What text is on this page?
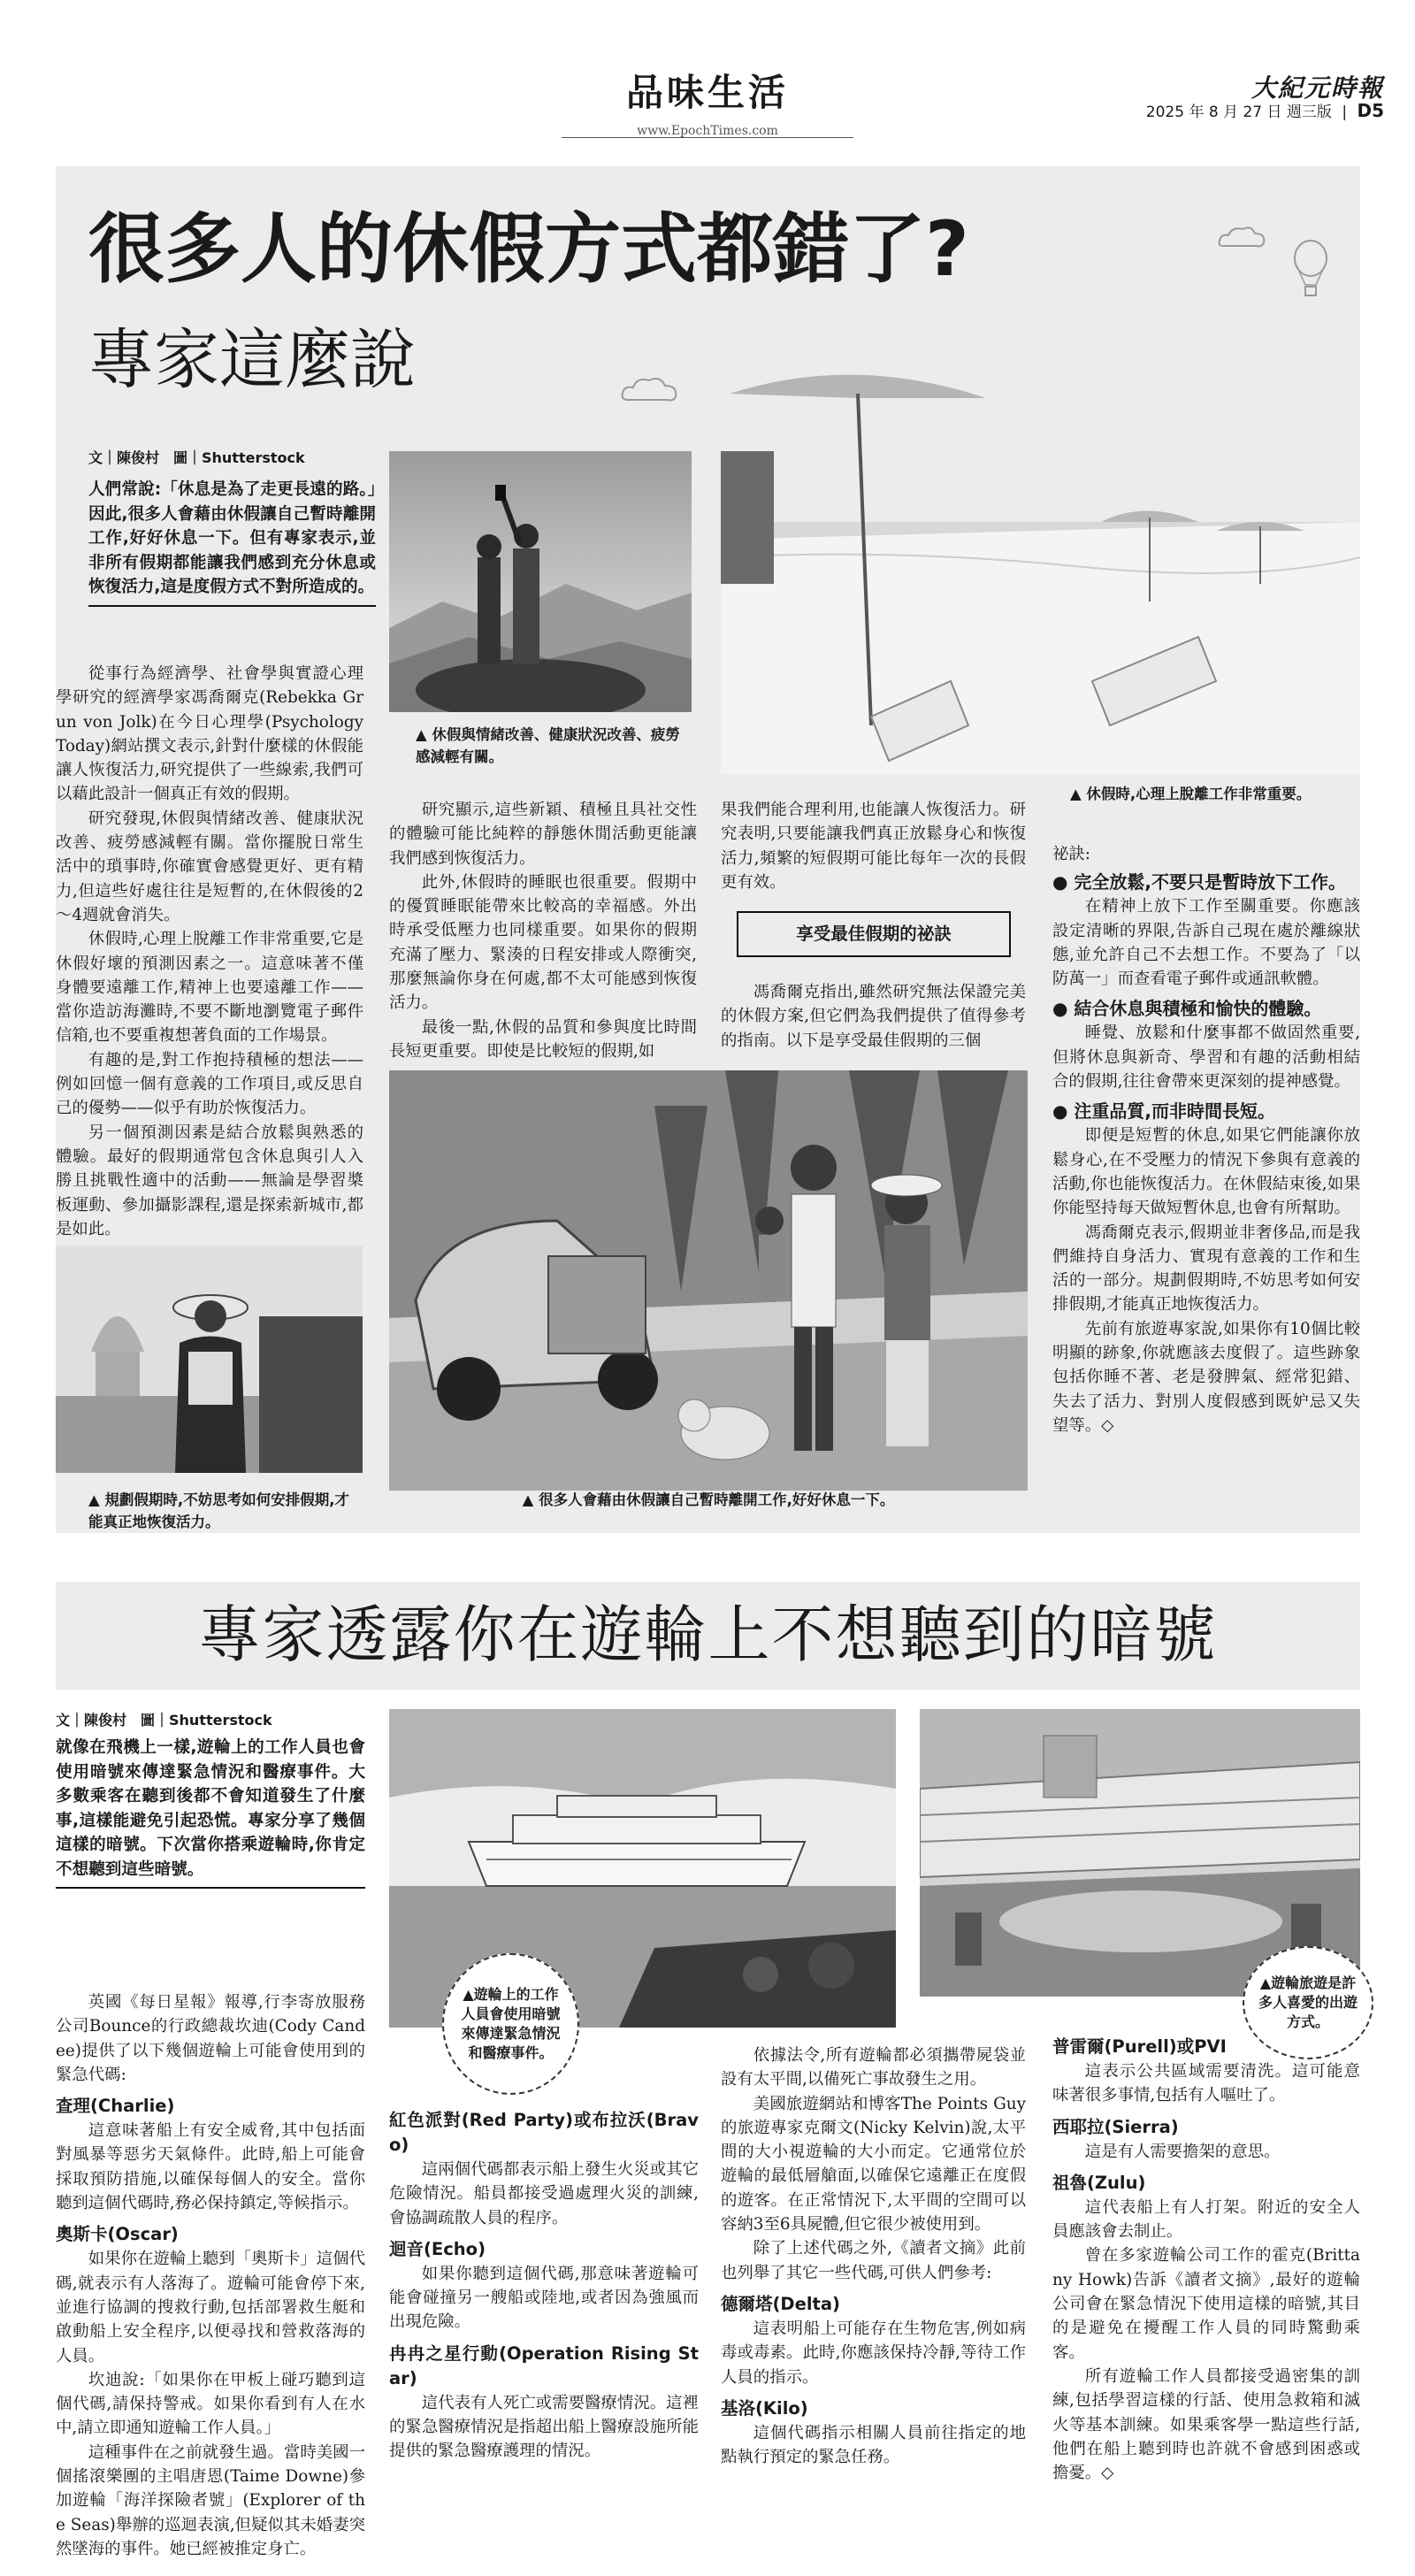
品味生活
www.EpochTimes.com
大紀元時報
2025 年 8 月 27 日 週三版 | D5
很多人的休假方式都錯了?
專家這麼說
文｜陳俊村　圖｜Shutterstock
人們常說:「休息是為了走更長遠的路。」因此,很多人會藉由休假讓自己暫時離開工作,好好休息一下。但有專家表示,並非所有假期都能讓我們感到充分休息或恢復活力,這是度假方式不對所造成的。
▲ 休假與情緒改善、健康狀況改善、疲勞感減輕有關。
▲ 休假時,心理上脫離工作非常重要。

從事行為經濟學、社會學與實證心理學研究的經濟學家馮喬爾克(Rebekka Grun von Jolk)在今日心理學(Psychology Today)網站撰文表示,針對什麼樣的休假能讓人恢復活力,研究提供了一些線索,我們可以藉此設計一個真正有效的假期。

研究發現,休假與情緒改善、健康狀況改善、疲勞感減輕有關。當你擺脫日常生活中的瑣事時,你確實會感覺更好、更有精力,但這些好處往往是短暫的,在休假後的2～4週就會消失。

休假時,心理上脫離工作非常重要,它是休假好壞的預測因素之一。這意味著不僅身體要遠離工作,精神上也要遠離工作——當你造訪海灘時,不要不斷地瀏覽電子郵件信箱,也不要重複想著負面的工作場景。

有趣的是,對工作抱持積極的想法——例如回憶一個有意義的工作項目,或反思自己的優勢——似乎有助於恢復活力。

另一個預測因素是結合放鬆與熟悉的體驗。最好的假期通常包含休息與引人入勝且挑戰性適中的活動——無論是學習槳板運動、參加攝影課程,還是探索新城市,都是如此。

▲ 規劃假期時,不妨思考如何安排假期,才能真正地恢復活力。

研究顯示,這些新穎、積極且具社交性的體驗可能比純粹的靜態休閒活動更能讓我們感到恢復活力。

此外,休假時的睡眠也很重要。假期中的優質睡眠能帶來比較高的幸福感。外出時承受低壓力也同樣重要。如果你的假期充滿了壓力、緊湊的日程安排或人際衝突,那麼無論你身在何處,都不太可能感到恢復活力。

最後一點,休假的品質和參與度比時間長短更重要。即使是比較短的假期,如

果我們能合理利用,也能讓人恢復活力。研究表明,只要能讓我們真正放鬆身心和恢復活力,頻繁的短假期可能比每年一次的長假更有效。

享受最佳假期的祕訣

馮喬爾克指出,雖然研究無法保證完美的休假方案,但它們為我們提供了值得參考的指南。以下是享受最佳假期的三個

▲ 很多人會藉由休假讓自己暫時離開工作,好好休息一下。

祕訣:

● 完全放鬆,不要只是暫時放下工作。

在精神上放下工作至關重要。你應該設定清晰的界限,告訴自己現在處於離線狀態,並允許自己不去想工作。不要為了「以防萬一」而查看電子郵件或通訊軟體。

● 結合休息與積極和愉快的體驗。

睡覺、放鬆和什麼事都不做固然重要,但將休息與新奇、學習和有趣的活動相結合的假期,往往會帶來更深刻的提神感覺。

● 注重品質,而非時間長短。

即便是短暫的休息,如果它們能讓你放鬆身心,在不受壓力的情況下參與有意義的活動,你也能恢復活力。在休假結束後,如果你能堅持每天做短暫休息,也會有所幫助。

馮喬爾克表示,假期並非奢侈品,而是我們維持自身活力、實現有意義的工作和生活的一部分。規劃假期時,不妨思考如何安排假期,才能真正地恢復活力。

先前有旅遊專家說,如果你有10個比較明顯的跡象,你就應該去度假了。這些跡象包括你睡不著、老是發脾氣、經常犯錯、失去了活力、對別人度假感到既妒忌又失望等。◇

專家透露你在遊輪上不想聽到的暗號
文｜陳俊村　圖｜Shutterstock
就像在飛機上一樣,遊輪上的工作人員也會使用暗號來傳達緊急情況和醫療事件。大多數乘客在聽到後都不會知道發生了什麼事,這樣能避免引起恐慌。專家分享了幾個這樣的暗號。下次當你搭乘遊輪時,你肯定不想聽到這些暗號。

英國《每日星報》報導,行李寄放服務公司Bounce的行政總裁坎迪(Cody Candee)提供了以下幾個遊輪上可能會使用到的緊急代碼:

查理(Charlie)

這意味著船上有安全威脅,其中包括面對風暴等惡劣天氣條件。此時,船上可能會採取預防措施,以確保每個人的安全。當你聽到這個代碼時,務必保持鎮定,等候指示。

奧斯卡(Oscar)

如果你在遊輪上聽到「奧斯卡」這個代碼,就表示有人落海了。遊輪可能會停下來,並進行協調的搜救行動,包括部署救生艇和啟動船上安全程序,以便尋找和營救落海的人員。

坎迪說:「如果你在甲板上碰巧聽到這個代碼,請保持警戒。如果你看到有人在水中,請立即通知遊輪工作人員。」

這種事件在之前就發生過。當時美國一個搖滾樂團的主唱唐恩(Taime Downe)參加遊輪「海洋探險者號」(Explorer of the Seas)舉辦的巡迴表演,但疑似其未婚妻突然墜海的事件。她已經被推定身亡。

▲遊輪上的工作人員會使用暗號來傳達緊急情況和醫療事件。
▲遊輪旅遊是許多人喜愛的出遊方式。
紅色派對(Red Party)或布拉沃(Bravo)

這兩個代碼都表示船上發生火災或其它危險情況。船員都接受過處理火災的訓練,會協調疏散人員的程序。

迴音(Echo)

如果你聽到這個代碼,那意味著遊輪可能會碰撞另一艘船或陸地,或者因為強風而出現危險。

冉冉之星行動(Operation Rising Star)

這代表有人死亡或需要醫療情況。這裡的緊急醫療情況是指超出船上醫療設施所能提供的緊急醫療護理的情況。

依據法令,所有遊輪都必須攜帶屍袋並設有太平間,以備死亡事故發生之用。

美國旅遊網站和博客The Points Guy的旅遊專家克爾文(Nicky Kelvin)說,太平間的大小視遊輪的大小而定。它通常位於遊輪的最低層艙面,以確保它遠離正在度假的遊客。在正常情況下,太平間的空間可以容納3至6具屍體,但它很少被使用到。

除了上述代碼之外,《讀者文摘》此前也列舉了其它一些代碼,可供人們參考:

德爾塔(Delta)

這表明船上可能存在生物危害,例如病毒或毒素。此時,你應該保持冷靜,等待工作人員的指示。

基洛(Kilo)

這個代碼指示相關人員前往指定的地點執行預定的緊急任務。

普雷爾(Purell)或PVI

這表示公共區域需要清洗。這可能意味著很多事情,包括有人嘔吐了。

西耶拉(Sierra)

這是有人需要擔架的意思。

祖魯(Zulu)

這代表船上有人打架。附近的安全人員應該會去制止。

曾在多家遊輪公司工作的霍克(Brittany Howk)告訴《讀者文摘》,最好的遊輪公司會在緊急情況下使用這樣的暗號,其目的是避免在擾醒工作人員的同時驚動乘客。

所有遊輪工作人員都接受過密集的訓練,包括學習這樣的行話、使用急救箱和滅火等基本訓練。如果乘客學一點這些行話,他們在船上聽到時也許就不會感到困惑或擔憂。◇
